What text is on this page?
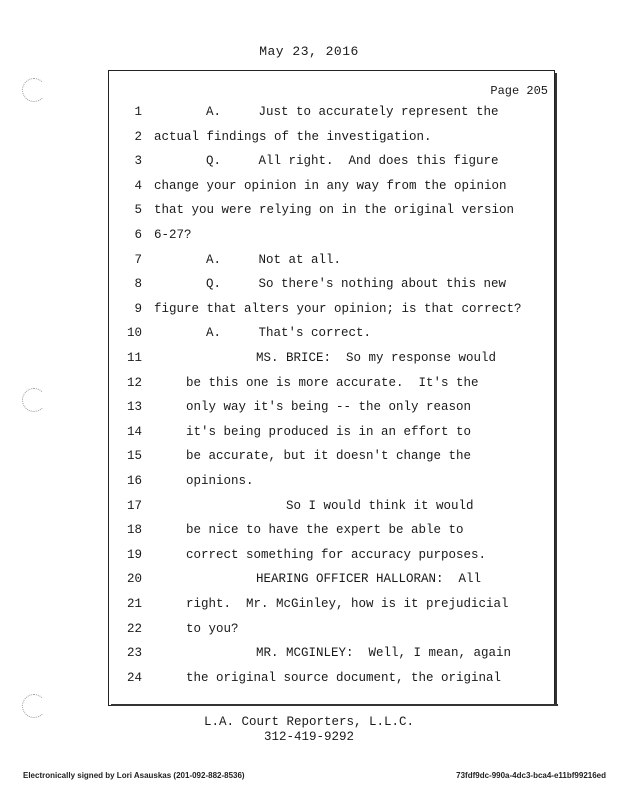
May 23, 2016
Page 205
1	A.     Just to accurately represent the
2 actual findings of the investigation.
3	Q.     All right.  And does this figure
4 change your opinion in any way from the opinion
5 that you were relying on in the original version
6 6-27?
7	A.     Not at all.
8	Q.     So there's nothing about this new
9 figure that alters your opinion; is that correct?
10	A.     That's correct.
11	MS. BRICE:  So my response would
12	be this one is more accurate.  It's the
13	only way it's being -- the only reason
14	it's being produced is in an effort to
15	be accurate, but it doesn't change the
16	opinions.
17	So I would think it would
18	be nice to have the expert be able to
19	correct something for accuracy purposes.
20	HEARING OFFICER HALLORAN:  All
21	right.  Mr. McGinley, how is it prejudicial
22	to you?
23	MR. MCGINLEY:  Well, I mean, again
24	the original source document, the original
L.A. Court Reporters, L.L.C.
312-419-9292
Electronically signed by Lori Asauskas (201-092-882-8536)	73fdf9dc-990a-4dc3-bca4-e11bf99216ed
